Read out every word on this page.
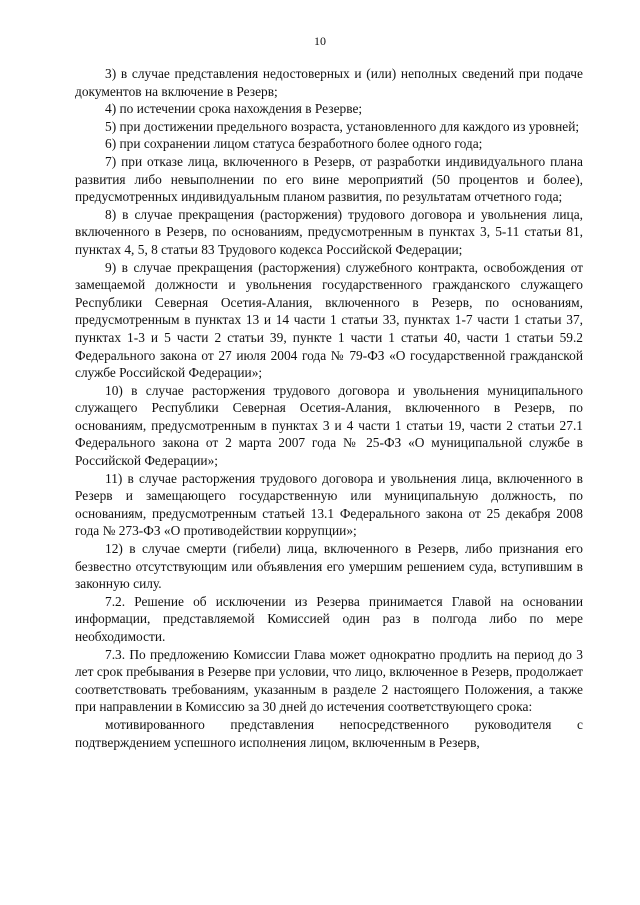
10

3) в случае представления недостоверных и (или) неполных сведений при подаче документов на включение в Резерв;

4) по истечении срока нахождения в Резерве;

5) при достижении предельного возраста, установленного для каждого из уровней;

6) при сохранении лицом статуса безработного более одного года;

7) при отказе лица, включенного в Резерв, от разработки индивидуального плана развития либо невыполнении по его вине мероприятий (50 процентов и более), предусмотренных индивидуальным планом развития, по результатам отчетного года;

8) в случае прекращения (расторжения) трудового договора и увольнения лица, включенного в Резерв, по основаниям, предусмотренным в пунктах 3, 5-11 статьи 81, пунктах 4, 5, 8 статьи 83 Трудового кодекса Российской Федерации;

9) в случае прекращения (расторжения) служебного контракта, освобождения от замещаемой должности и увольнения государственного гражданского служащего Республики Северная Осетия-Алания, включенного в Резерв, по основаниям, предусмотренным в пунктах 13 и 14 части 1 статьи 33, пунктах 1-7 части 1 статьи 37, пунктах 1-3 и 5 части 2 статьи 39, пункте 1 части 1 статьи 40, части 1 статьи 59.2 Федерального закона от 27 июля 2004 года № 79-ФЗ «О государственной гражданской службе Российской Федерации»;

10) в случае расторжения трудового договора и увольнения муниципального служащего Республики Северная Осетия-Алания, включенного в Резерв, по основаниям, предусмотренным в пунктах 3 и 4 части 1 статьи 19, части 2 статьи 27.1 Федерального закона от 2 марта 2007 года № 25-ФЗ «О муниципальной службе в Российской Федерации»;

11) в случае расторжения трудового договора и увольнения лица, включенного в Резерв и замещающего государственную или муниципальную должность, по основаниям, предусмотренным статьей 13.1 Федерального закона от 25 декабря 2008 года № 273-ФЗ «О противодействии коррупции»;

12) в случае смерти (гибели) лица, включенного в Резерв, либо признания его безвестно отсутствующим или объявления его умершим решением суда, вступившим в законную силу.

7.2. Решение об исключении из Резерва принимается Главой на основании информации, представляемой Комиссией один раз в полгода либо по мере необходимости.

7.3. По предложению Комиссии Глава может однократно продлить на период до 3 лет срок пребывания в Резерве при условии, что лицо, включенное в Резерв, продолжает соответствовать требованиям, указанным в разделе 2 настоящего Положения, а также при направлении в Комиссию за 30 дней до истечения соответствующего срока:

мотивированного представления непосредственного руководителя с подтверждением успешного исполнения лицом, включенным в Резерв,
